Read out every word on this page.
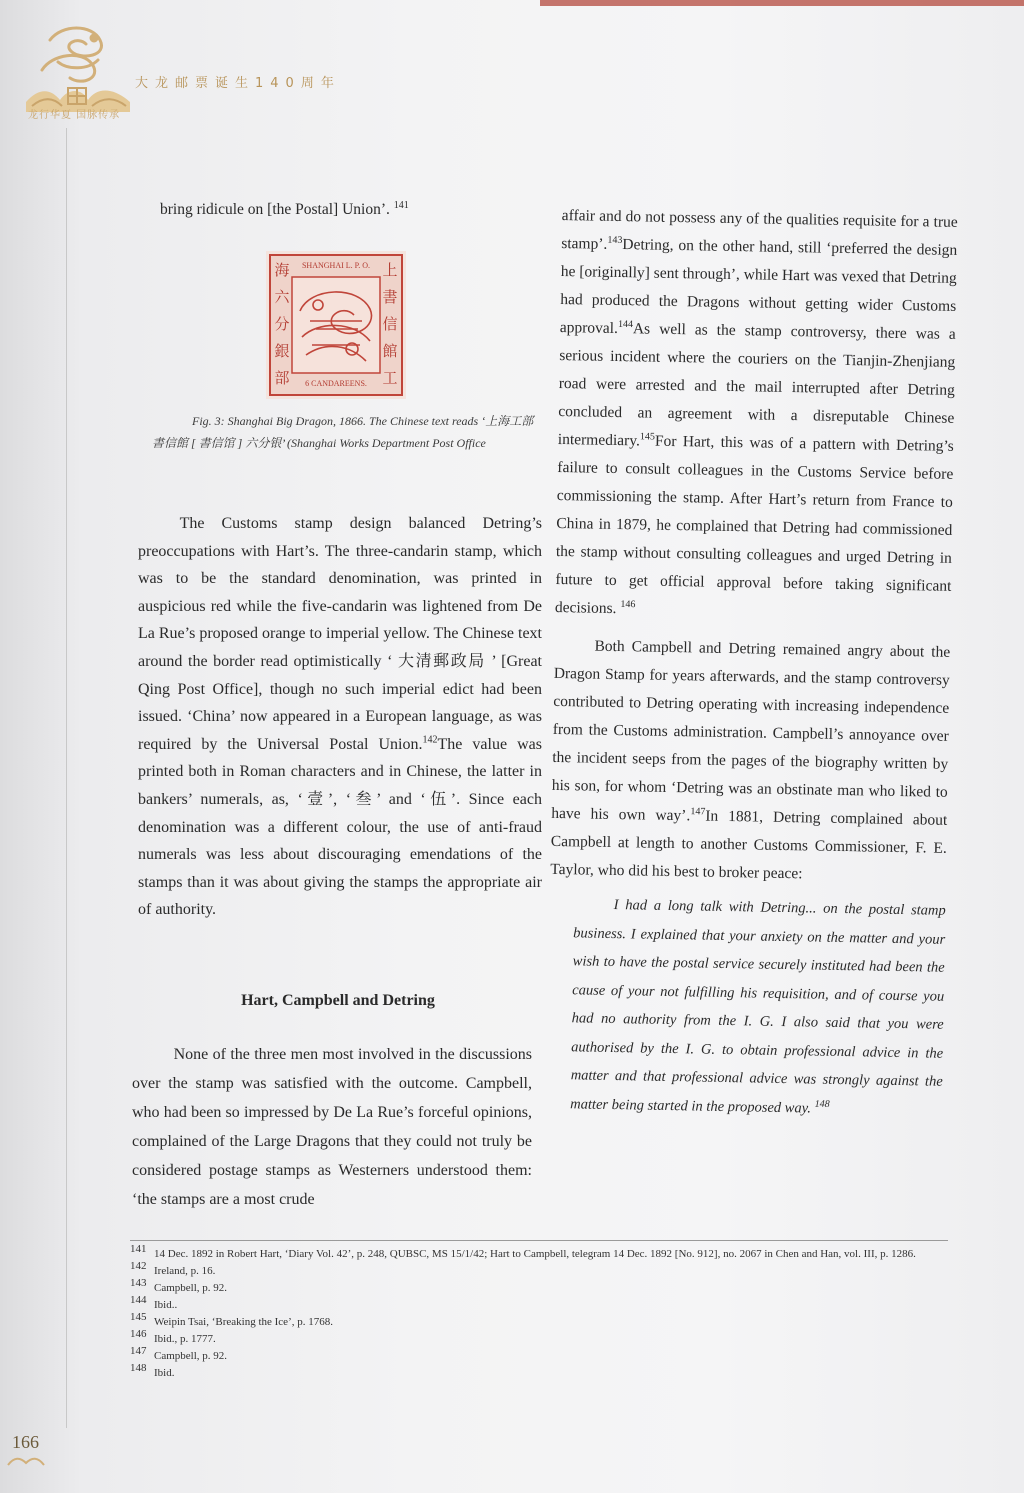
龙行华夏 国脉传承
大龙邮票诞生140周年
bring ridicule on [the Postal] Union’. $^{141}$
SHANGHAI L. P. O.
6 CANDAREENS.
海
六
分
銀
部
上
書
信
館
工
Fig. 3: Shanghai Big Dragon, 1866. The Chinese text reads ‘上海工部書信館 [ 書信馆 ] 六分银’ (Shanghai Works Department Post Office

The Customs stamp design balanced Detring’s preoccupations with Hart’s. The three-candarin stamp, which was to be the standard denomination, was printed in auspicious red while the five-candarin was lightened from De La Rue’s proposed orange to imperial yellow. The Chinese text around the border read optimistically ‘ 大清郵政局 ’ [Great Qing Post Office], though no such imperial edict had been issued. ‘China’ now appeared in a European language, as was required by the Universal Postal Union.$^{142}$The value was printed both in Roman characters and in Chinese, the latter in bankers’ numerals, as, ‘壹’, ‘叁’ and ‘伍’. Since each denomination was a different colour, the use of anti-fraud numerals was less about discouraging emendations of the stamps than it was about giving the stamps the appropriate air of authority.

Hart, Campbell and Detring

None of the three men most involved in the discussions over the stamp was satisfied with the outcome. Campbell, who had been so impressed by De La Rue’s forceful opinions, complained of the Large Dragons that they could not truly be considered postage stamps as Westerners understood them: ‘the stamps are a most crude

affair and do not possess any of the qualities requisite for a true stamp’.$^{143}$Detring, on the other hand, still ‘preferred the design he [originally] sent through’, while Hart was vexed that Detring had produced the Dragons without getting wider Customs approval.$^{144}$As well as the stamp controversy, there was a serious incident where the couriers on the Tianjin-Zhenjiang road were arrested and the mail interrupted after Detring concluded an agreement with a disreputable Chinese intermediary.$^{145}$For Hart, this was of a pattern with Detring’s failure to consult colleagues in the Customs Service before commissioning the stamp. After Hart’s return from France to China in 1879, he complained that Detring had commissioned the stamp without consulting colleagues and urged Detring in future to get official approval before taking significant decisions. $^{146}$

Both Campbell and Detring remained angry about the Dragon Stamp for years afterwards, and the stamp controversy contributed to Detring operating with increasing independence from the Customs administration. Campbell’s annoyance over the incident seeps from the pages of the biography written by his son, for whom ‘Detring was an obstinate man who liked to have his own way’.$^{147}$In 1881, Detring complained about Campbell at length to another Customs Commissioner, F. E. Taylor, who did his best to broker peace:

I had a long talk with Detring... on the postal stamp business. I explained that your anxiety on the matter and your wish to have the postal service securely instituted had been the cause of your not fulfilling his requisition, and of course you had no authority from the I. G. I also said that you were authorised by the I. G. to obtain professional advice in the matter and that professional advice was strongly against the matter being started in the proposed way. $^{148}$

141 14 Dec. 1892 in Robert Hart, ‘Diary Vol. 42’, p. 248, QUBSC, MS 15/1/42; Hart to Campbell, telegram 14 Dec. 1892 [No. 912], no. 2067 in Chen and Han, vol. III, p. 1286.
142 Ireland, p. 16.
143 Campbell, p. 92.
144 Ibid..
145 Weipin Tsai, ‘Breaking the Ice’, p. 1768.
146 Ibid., p. 1777.
147 Campbell, p. 92.
148 Ibid.
166
